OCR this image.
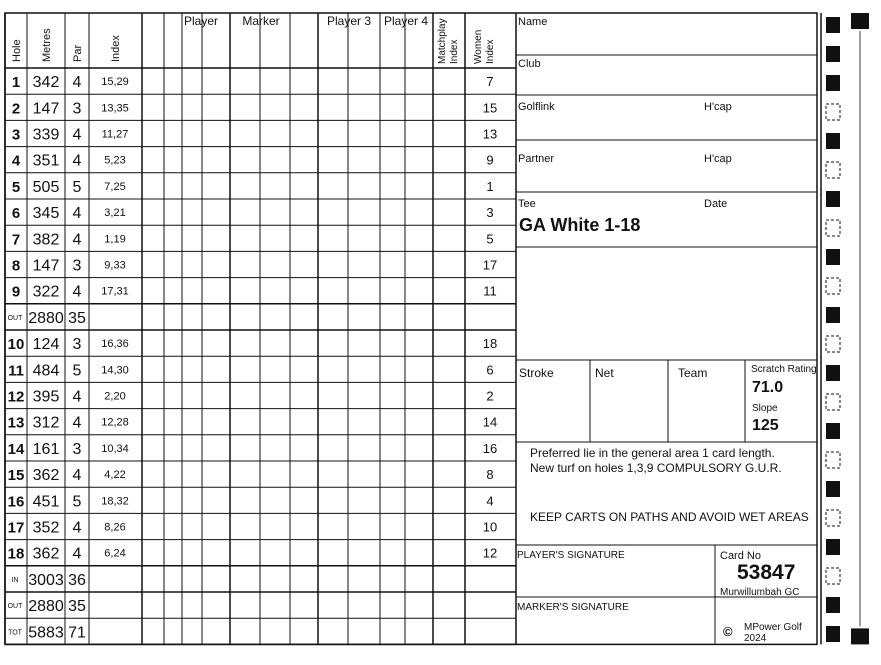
Hole Metres Par Index
Player Marker	Player 3 Player 4 Matchplay Index Women Index
1 342 4 15,29	7
2 147 3 13,35	15
3 339 4 11,27	13
4 351 4 5,23	9
5 505 5 7,25	1
6 345 4 3,21	3
7 382 4 1,19	5
8 147 3 9,33	17
9 322 4 17,31	11
OUT 2880 35
10 124 3 16,36	18
11 484 5 14,30	6
12 395 4 2,20	2
13 312 4 12,28	14
14 161 3 10,34	16
15 362 4 4,22	8
16 451 5 18,32	4
17 352 4 8,26	10
18 362 4 6,24	12
IN 3003 36
OUT 2880 35
TOT 5883 71
Name
Club
Golflink	H'cap
Partner	H'cap
Tee	Date
GA White 1-18
Stroke	Net	Team	Scratch Rating
71.0
Slope
125
Preferred lie in the general area 1 card length.
New turf on holes 1,3,9 COMPULSORY G.U.R.
KEEP CARTS ON PATHS AND AVOID WET AREAS
PLAYER'S SIGNATURE
MARKER'S SIGNATURE
Card No
53847
Murwillumbah GC
© MPower Golf
2024
